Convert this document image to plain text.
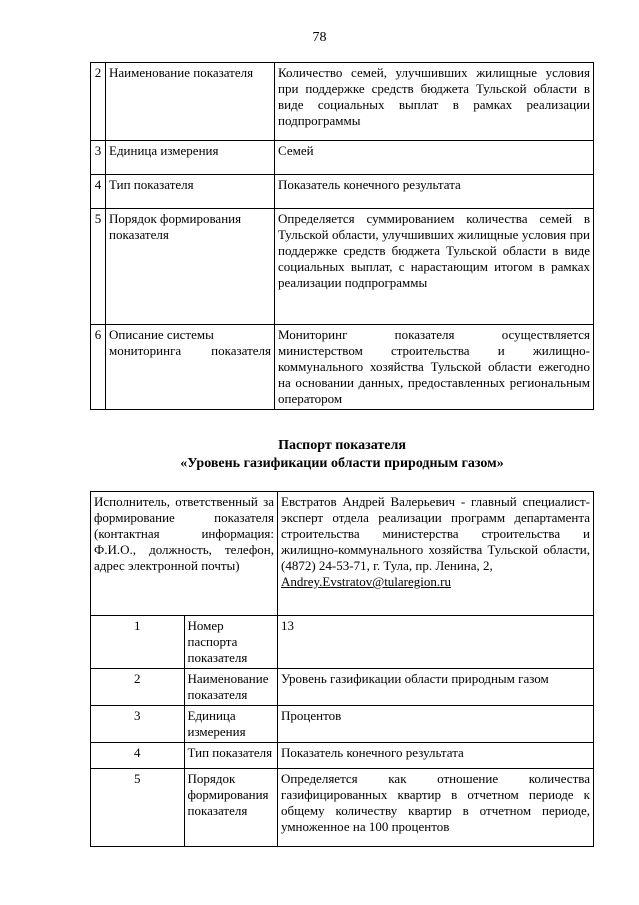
78
2	Наименование показателя	Количество семей, улучшивших жилищные условия при поддержке средств бюджета Тульской области в виде социальных выплат в рамках реализации подпрограммы
3	Единица измерения	Семей
4	Тип показателя	Показатель конечного результата
5	Порядок формирования показателя	Определяется суммированием количества семей в Тульской области, улучшивших жилищные условия при поддержке средств бюджета Тульской области в виде социальных выплат, с нарастающим итогом в рамках реализации подпрограммы
6	Описание системы мониторинга показателя	Мониторинг показателя осуществляется министерством строительства и жилищно-коммунального хозяйства Тульской области ежегодно на основании данных, предоставленных региональным оператором
Паспорт показателя
«Уровень газификации области природным газом»
Исполнитель, ответственный за формирование показателя (контактная информация: Ф.И.О., должность, телефон, адрес электронной почты)		Евстратов Андрей Валерьевич - главный специалист-эксперт отдела реализации программ департамента строительства министерства строительства и жилищно-коммунального хозяйства Тульской области, (4872) 24-53-71, г. Тула, пр. Ленина, 2,
Andrey.Evstratov@tularegion.ru
1	Номер паспорта показателя	13
2	Наименование показателя	Уровень газификации области природным газом
3	Единица измерения	Процентов
4	Тип показателя	Показатель конечного результата
5	Порядок формирования показателя	Определяется как отношение количества газифицированных квартир в отчетном периоде к общему количеству квартир в отчетном периоде, умноженное на 100 процентов
